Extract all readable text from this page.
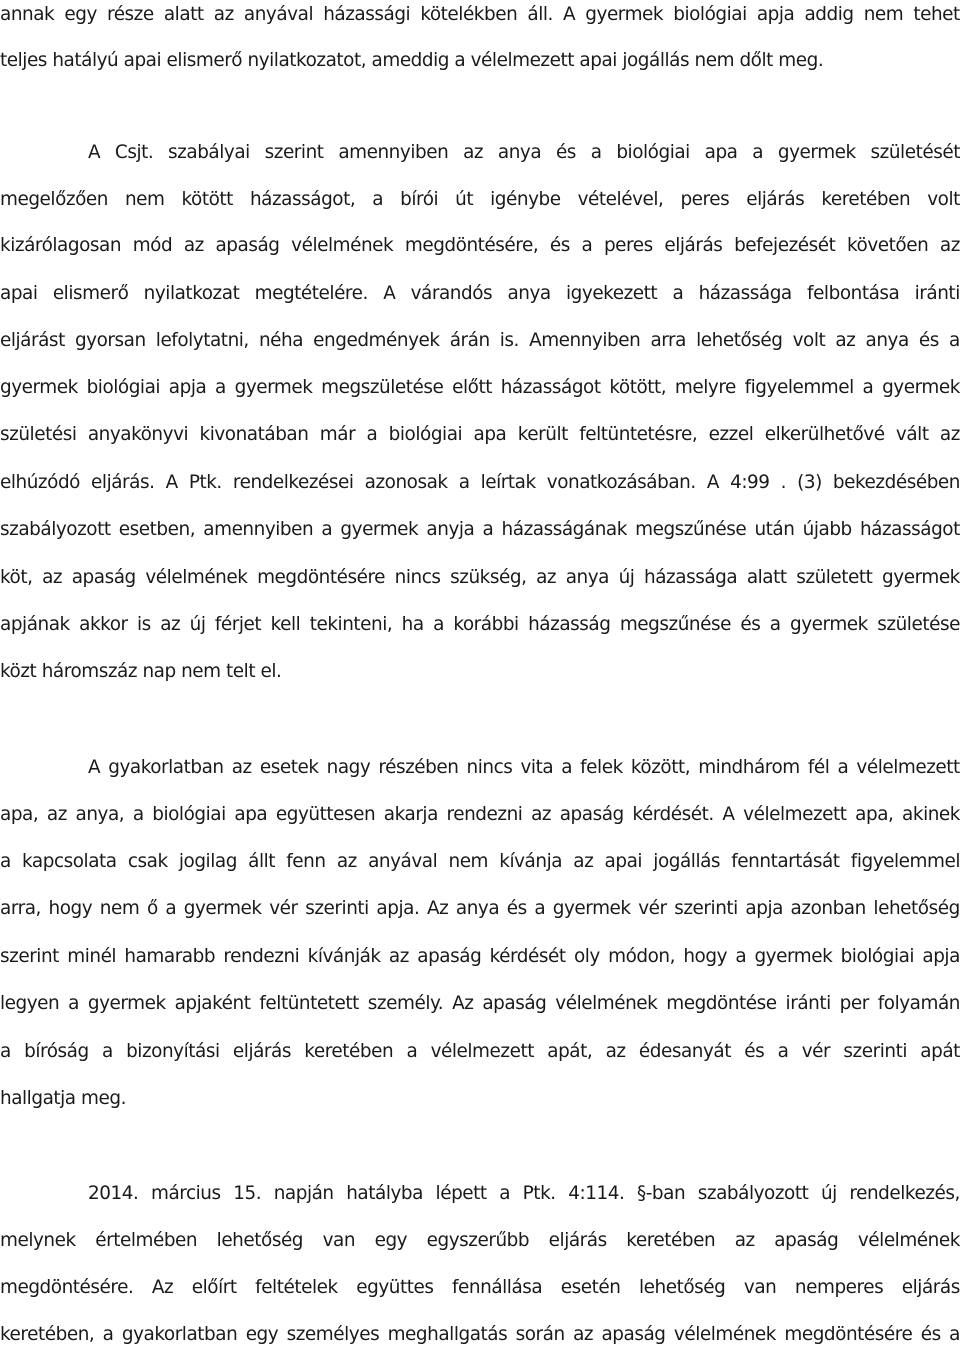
annak egy része alatt az anyával házassági kötelékben áll. A gyermek biológiai apja addig nem tehet
teljes hatályú apai elismerő nyilatkozatot, ameddig a vélelmezett apai jogállás nem dőlt meg.
A Csjt. szabályai szerint amennyiben az anya és a biológiai apa a gyermek születését
megelőzően nem kötött házasságot, a bírói út igénybe vételével, peres eljárás keretében volt
kizárólagosan mód az apaság vélelmének megdöntésére, és a peres eljárás befejezését követően az
apai elismerő nyilatkozat megtételére. A várandós anya igyekezett a házassága felbontása iránti
eljárást gyorsan lefolytatni, néha engedmények árán is. Amennyiben arra lehetőség volt az anya és a
gyermek biológiai apja a gyermek megszületése előtt házasságot kötött, melyre figyelemmel a gyermek
születési anyakönyvi kivonatában már a biológiai apa került feltüntetésre, ezzel elkerülhetővé vált az
elhúzódó eljárás. A Ptk. rendelkezései azonosak a leírtak vonatkozásában. A 4:99 . (3) bekezdésében
szabályozott esetben, amennyiben a gyermek anyja a házasságának megszűnése után újabb házasságot
köt, az apaság vélelmének megdöntésére nincs szükség, az anya új házassága alatt született gyermek
apjának akkor is az új férjet kell tekinteni, ha a korábbi házasság megszűnése és a gyermek születése
közt háromszáz nap nem telt el.
A gyakorlatban az esetek nagy részében nincs vita a felek között, mindhárom fél a vélelmezett
apa, az anya, a biológiai apa együttesen akarja rendezni az apaság kérdését. A vélelmezett apa, akinek
a kapcsolata csak jogilag állt fenn az anyával nem kívánja az apai jogállás fenntartását figyelemmel
arra, hogy nem ő a gyermek vér szerinti apja. Az anya és a gyermek vér szerinti apja azonban lehetőség
szerint minél hamarabb rendezni kívánják az apaság kérdését oly módon, hogy a gyermek biológiai apja
legyen a gyermek apjaként feltüntetett személy. Az apaság vélelmének megdöntése iránti per folyamán
a bíróság a bizonyítási eljárás keretében a vélelmezett apát, az édesanyát és a vér szerinti apát
hallgatja meg.
2014. március 15. napján hatályba lépett a Ptk. 4:114. §-ban szabályozott új rendelkezés,
melynek értelmében lehetőség van egy egyszerűbb eljárás keretében az apaság vélelmének
megdöntésére. Az előírt feltételek együttes fennállása esetén lehetőség van nemperes eljárás
keretében, a gyakorlatban egy személyes meghallgatás során az apaság vélelmének megdöntésére és a
